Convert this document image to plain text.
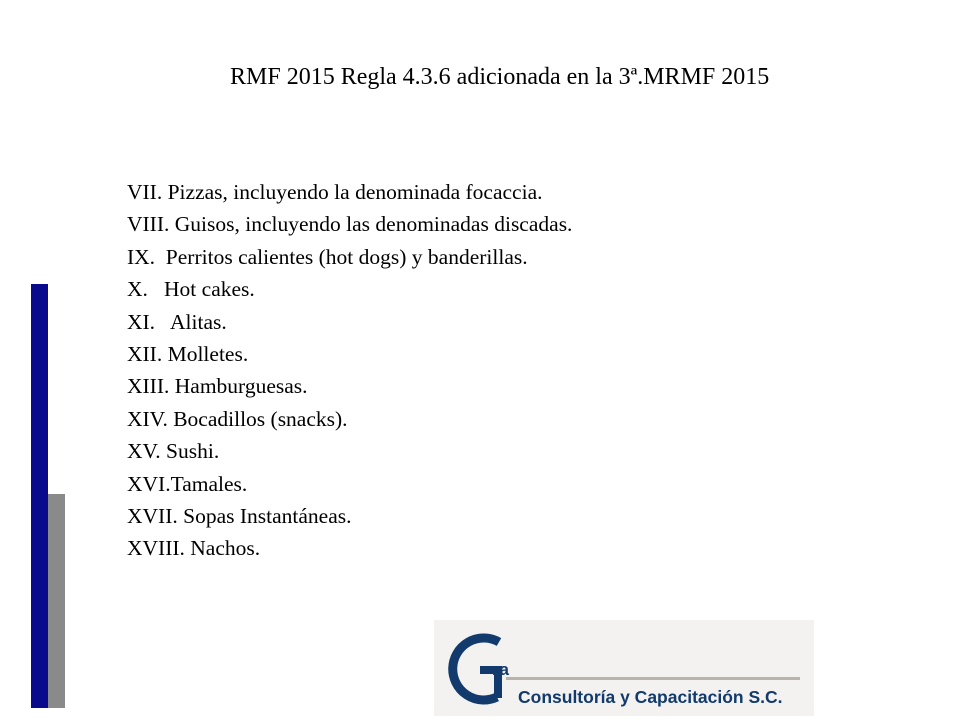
RMF 2015 Regla 4.3.6 adicionada en la 3ª.MRMF 2015
VII. Pizzas, incluyendo la denominada focaccia.
VIII. Guisos, incluyendo las denominadas discadas.
IX.  Perritos calientes (hot dogs) y banderillas.
X.   Hot cakes.
XI.   Alitas.
XII. Molletes.
XIII. Hamburguesas.
XIV. Bocadillos (snacks).
XV. Sushi.
XVI.Tamales.
XVII. Sopas Instantáneas.
XVIII. Nachos.
va
Consultoría y Capacitación S.C.
